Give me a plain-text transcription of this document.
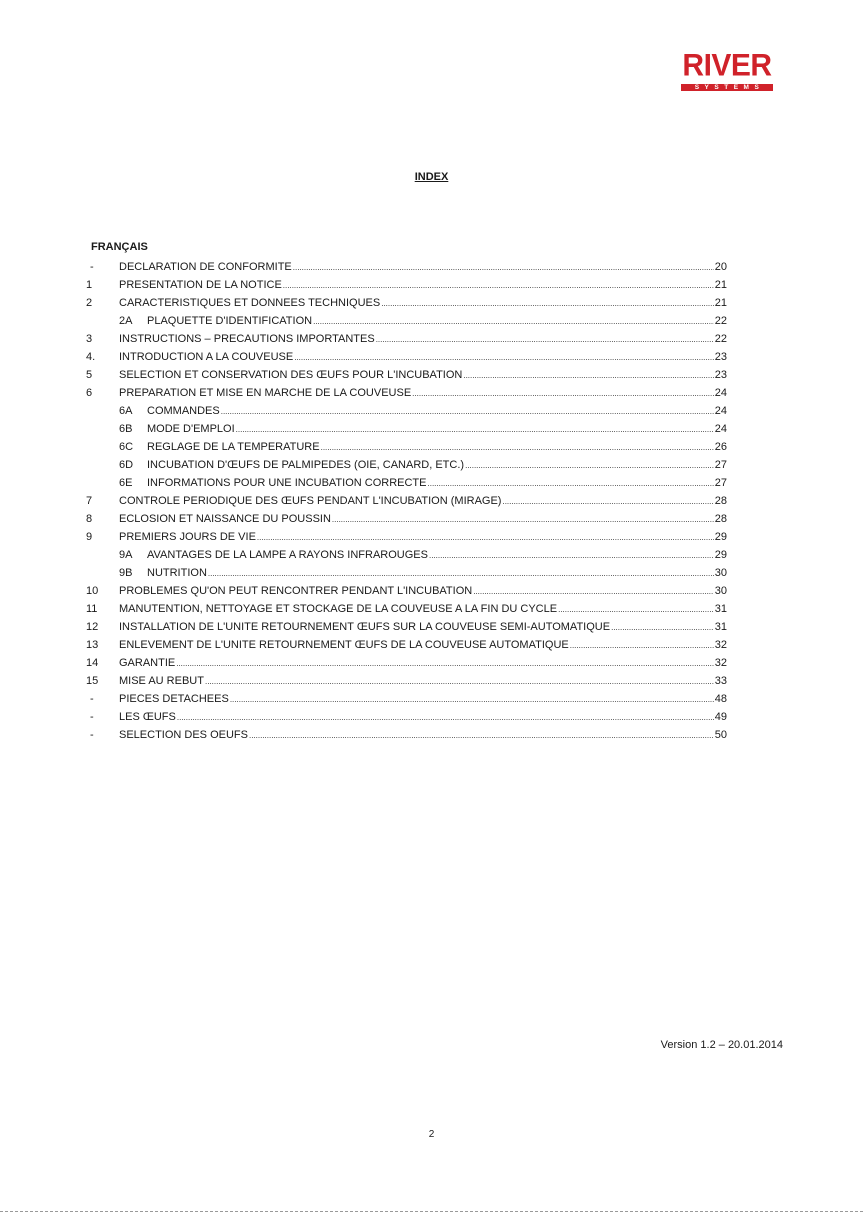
RIVER
SYSTEMS
INDEX
FRANÇAIS
-	DECLARATION DE CONFORMITE .....	20
1	PRESENTATION DE LA NOTICE .....	21
2	CARACTERISTIQUES ET DONNEES TECHNIQUES .....	21
2A	PLAQUETTE D'IDENTIFICATION .....	22
3	INSTRUCTIONS – PRECAUTIONS IMPORTANTES .....	22
4.	INTRODUCTION A LA COUVEUSE .....	23
5	SELECTION ET CONSERVATION DES ŒUFS POUR L'INCUBATION .....	23
6	PREPARATION ET MISE EN MARCHE DE LA COUVEUSE .....	24
6A	COMMANDES .....	24
6B	MODE D'EMPLOI .....	24
6C	REGLAGE DE LA TEMPERATURE .....	26
6D	INCUBATION D'ŒUFS DE PALMIPEDES (OIE, CANARD, ETC.) .....	27
6E	INFORMATIONS POUR UNE INCUBATION CORRECTE .....	27
7	CONTROLE PERIODIQUE DES ŒUFS PENDANT L'INCUBATION (MIRAGE) .....	28
8	ECLOSION ET NAISSANCE DU POUSSIN .....	28
9	PREMIERS JOURS DE VIE .....	29
9A	AVANTAGES DE LA LAMPE A RAYONS INFRAROUGES .....	29
9B	NUTRITION .....	30
10	PROBLEMES QU'ON PEUT RENCONTRER PENDANT L'INCUBATION .....	30
11	MANUTENTION, NETTOYAGE ET STOCKAGE DE LA COUVEUSE A LA FIN DU CYCLE .....	31
12	INSTALLATION DE L'UNITE RETOURNEMENT ŒUFS SUR LA COUVEUSE SEMI-AUTOMATIQUE .....	31
13	ENLEVEMENT DE L'UNITE RETOURNEMENT ŒUFS DE LA COUVEUSE AUTOMATIQUE .....	32
14	GARANTIE .....	32
15	MISE AU REBUT .....	33
-	PIECES DETACHEES .....	48
-	LES ŒUFS .....	49
-	SELECTION DES OEUFS .....	50
Version 1.2 – 20.01.2014
2
